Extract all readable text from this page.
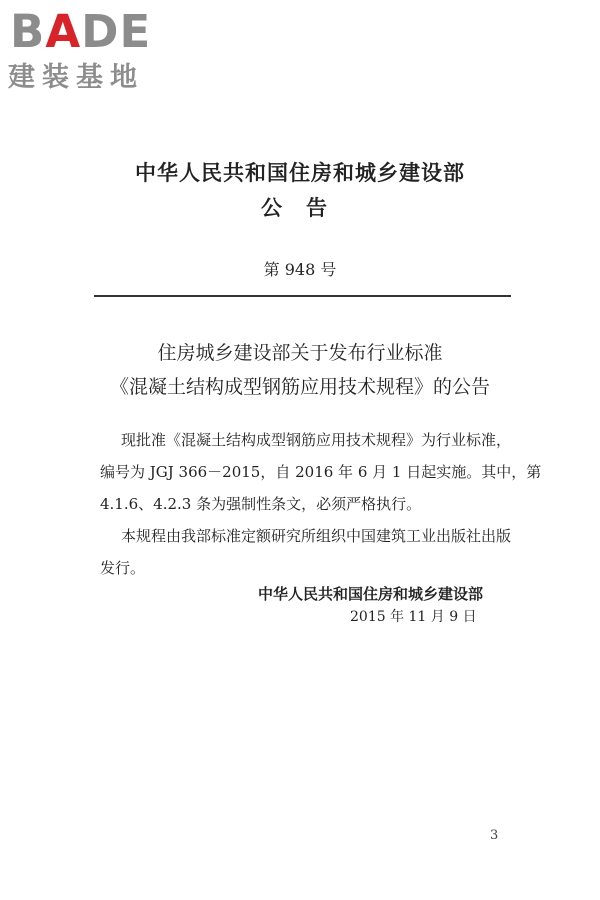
BADE
建装基地
中华人民共和国住房和城乡建设部
公告
第 948 号
住房城乡建设部关于发布行业标准
《混凝土结构成型钢筋应用技术规程》的公告
现批准《混凝土结构成型钢筋应用技术规程》为行业标准，
编号为 JGJ 366－2015，自 2016 年 6 月 1 日起实施。其中，第
4.1.6、4.2.3 条为强制性条文，必须严格执行。
本规程由我部标准定额研究所组织中国建筑工业出版社出版
发行。
中华人民共和国住房和城乡建设部
2015 年 11 月 9 日
3
